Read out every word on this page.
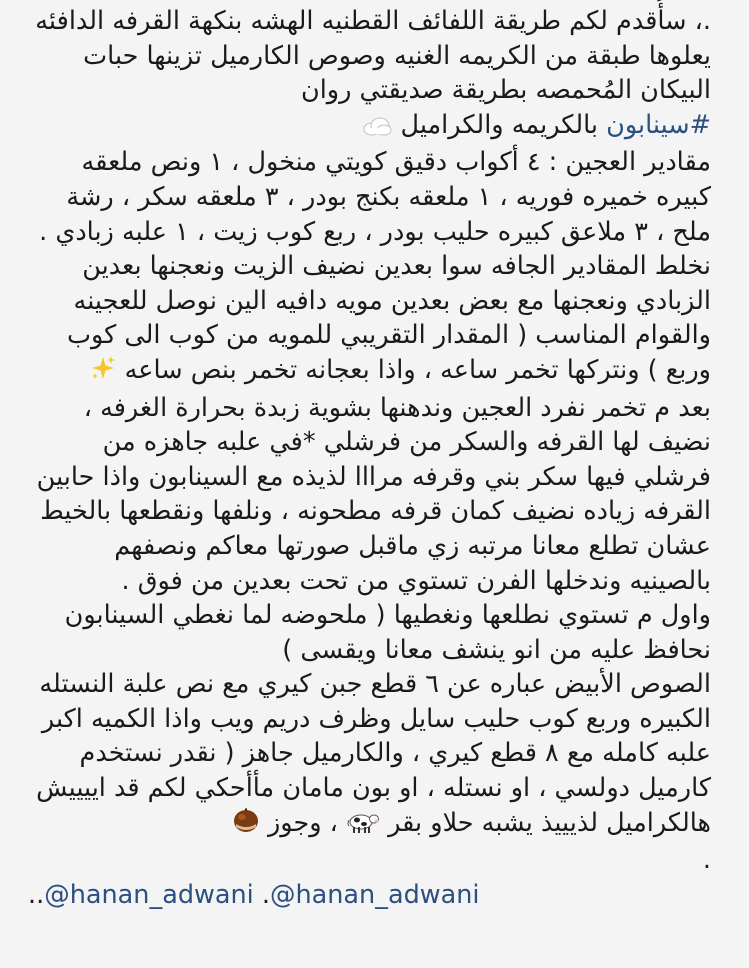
.، سأُقدم لكم طريقة اللفائف القطنيه الهشه بنكهة القرفه الدافئه يعلوها طبقة من الكريمه الغنيه وصوص الكارميل تزينها حبات البيكان المُحمصه بطريقة صديقتي روان

#سينابون بالكريمه والكراميل

مقادير العجين : ٤ أكواب دقيق كويتي منخول ، ١ ونص ملعقه كبيره خميره فوريه ، ١ ملعقه بكنج بودر ، ٣ ملعقه سكر ، رشة ملح ، ٣ ملاعق كبيره حليب بودر ، ربع كوب زيت ، ١ علبه زبادي .

نخلط المقادير الجافه سوا بعدين نضيف الزيت ونعجنها بعدين الزبادي ونعجنها مع بعض بعدين مويه دافيه الين نوصل للعجينه والقوام المناسب ( المقدار التقريبي للمويه من كوب الى كوب وربع ) ونتركها تخمر ساعه ، واذا بعجانه تخمر بنص ساعه

بعد م تخمر نفرد العجين وندهنها بشوية زبدة بحرارة الغرفه ، نضيف لها القرفه والسكر من فرشلي *في علبه جاهزه من فرشلي فيها سكر بني وقرفه مرااا لذيذه مع السينابون واذا حابين القرفه زياده نضيف كمان قرفه مطحونه ، ونلفها ونقطعها بالخيط عشان تطلع معانا مرتبه زي ماقبل صورتها معاكم ونصفهم بالصينيه وندخلها الفرن تستوي من تحت بعدين من فوق .

واول م تستوي نطلعها ونغطيها ( ملحوضه لما نغطي السينابون نحافظ عليه من انو ينشف معانا ويقسى )

الصوص الأبيض عباره عن ٦ قطع جبن كيري مع نص علبة النستله الكبيره وربع كوب حليب سايل وظرف دريم ويب واذا الكميه اكبر علبه كامله مع ٨ قطع كيري ، والكارميل جاهز ( نقدر نستخدم كارميل دولسي ، او نستله ، او بون مامان مأأحكي لكم قد اييييش هالكراميل لذيييذ يشبه حلاو بقر  ، وجوز

.

..@hanan_adwani .@hanan_adwani
